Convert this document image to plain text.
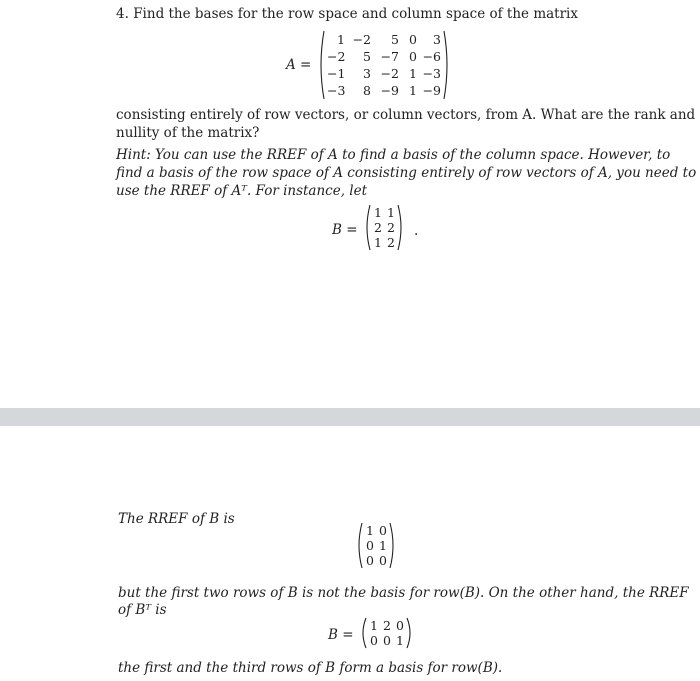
4. Find the bases for the row space and column space of the matrix
A =
1 −2	5 0	3
−2	5 −7 0 −6
−1	3 −2 1 −3
−3	8 −9 1 −9
consisting entirely of row vectors, or column vectors, from A. What are the rank and
nullity of the matrix?
Hint: You can use the RREF of A to find a basis of the column space. However, to
find a basis of the row space of A consisting entirely of row vectors of A, you need to
use the RREF of Aᵀ. For instance, let
B =
1 1
2 2
1 2
.
The RREF of B is
1 0
0 1
0 0
but the first two rows of B is not the basis for row(B). On the other hand, the RREF
of Bᵀ is
B =
1 2 0
0 0 1
the first and the third rows of B form a basis for row(B).
